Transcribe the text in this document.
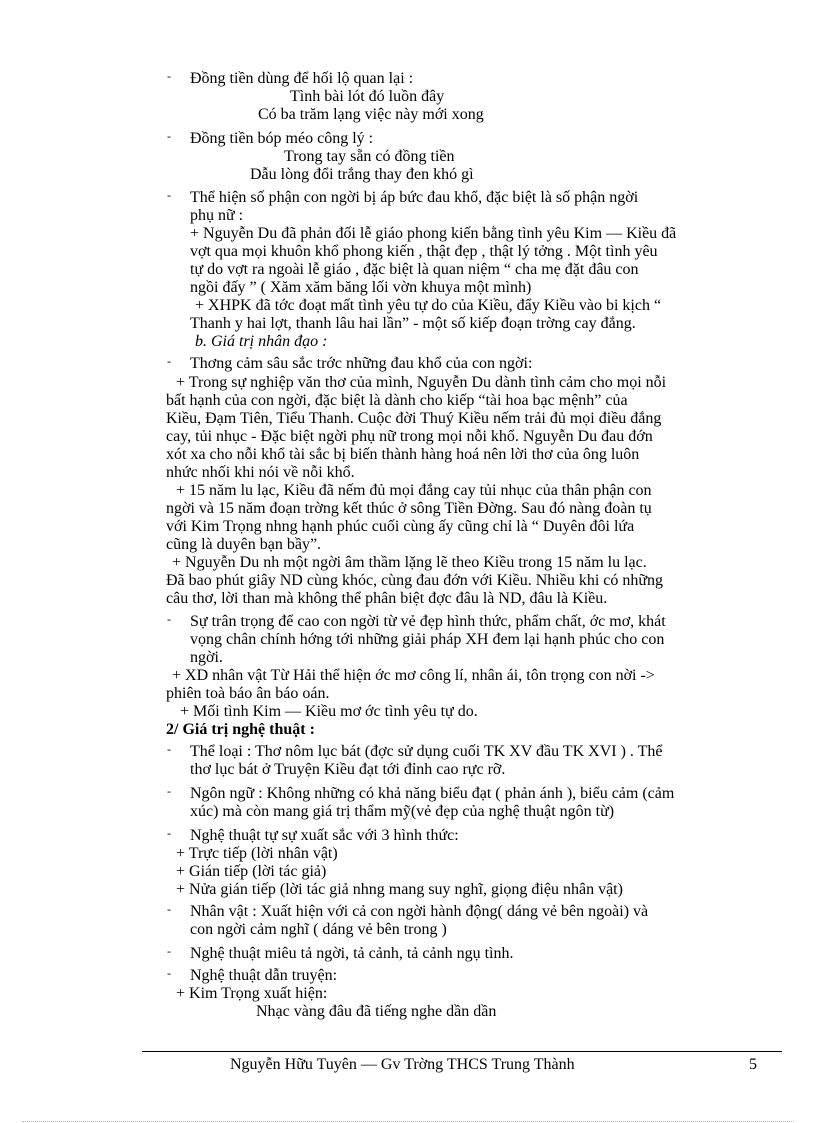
- Đồng tiền dùng để hối lộ quan lại :
Tình bài lót đó luồn đây
Có ba trăm lạng việc này mới xong
- Đồng tiền bóp méo công lý :
Trong tay sẵn có đồng tiền
Dẫu lòng đổi trắng thay đen khó gì
- Thể hiện số phận con ngời bị áp bức đau khổ, đặc biệt là số phận ngời
phụ nữ :
+ Nguyễn Du đã phản đối lễ giáo phong kiến bằng tình yêu Kim — Kiều đã
vợt qua mọi khuôn khổ phong kiến , thật đẹp , thật lý tởng . Một tình yêu
tự do vợt ra ngoài lễ giáo , đặc biệt là quan niệm “ cha mẹ đặt đâu con
ngồi đấy ” ( Xăm xăm băng lối vờn khuya một mình)
+ XHPK đã tớc đoạt mất tình yêu tự do của Kiều, đẩy Kiều vào bi kịch “
Thanh y hai lợt, thanh lâu hai lần” - một số kiếp đoạn trờng cay đắng.
b. Giá trị nhân đạo :
- Thơng cảm sâu sắc trớc những đau khổ của con ngời:
+ Trong sự nghiệp văn thơ của mình, Nguyễn Du dành tình cảm cho mọi nỗi
bất hạnh của con ngời, đặc biệt là dành cho kiếp “tài hoa bạc mệnh” của
Kiều, Đạm Tiên, Tiểu Thanh. Cuộc đời Thuý Kiều nếm trải đủ mọi điều đắng
cay, tủi nhục - Đặc biệt ngời phụ nữ trong mọi nỗi khổ. Nguyễn Du đau đớn
xót xa cho nỗi khổ tài sắc bị biến thành hàng hoá nên lời thơ của ông luôn
nhức nhối khi nói về nỗi khổ.
+ 15 năm lu lạc, Kiều đã nếm đủ mọi đắng cay tủi nhục của thân phận con
ngời và 15 năm đoạn trờng kết thúc ở sông Tiền Đờng. Sau đó nàng đoàn tụ
với Kim Trọng nhng hạnh phúc cuối cùng ấy cũng chỉ là “ Duyên đôi lứa
cũng là duyên bạn bầy”.
+ Nguyễn Du nh một ngời âm thầm lặng lẽ theo Kiều trong 15 năm lu lạc.
Đã bao phút giây ND cùng khóc, cùng đau đớn với Kiều. Nhiều khi có những
câu thơ, lời than mà không thể phân biệt đợc đâu là ND, đâu là Kiều.
- Sự trân trọng để cao con ngời từ vẻ đẹp hình thức, phẩm chất, ớc mơ, khát
vọng chân chính hớng tới những giải pháp XH đem lại hạnh phúc cho con
ngời.
+ XD nhân vật Từ Hải thể hiện ớc mơ công lí, nhân ái, tôn trọng con nời ->
phiên toà báo ân báo oán.
+ Mối tình Kim — Kiều mơ ớc tình yêu tự do.
2/ Giá trị nghệ thuật :
- Thể loại : Thơ nôm lục bát (đợc sử dụng cuối TK XV đầu TK XVI ) . Thể
thơ lục bát ở Truyện Kiều đạt tới đỉnh cao rực rỡ.
- Ngôn ngữ : Không những có khả năng biểu đạt ( phản ánh ), biểu cảm (cảm
xúc) mà còn mang giá trị thẩm mỹ(vẻ đẹp của nghệ thuật ngôn từ)
- Nghệ thuật tự sự xuất sắc với 3 hình thức:
+ Trực tiếp (lời nhân vật)
+ Gián tiếp (lời tác giả)
+ Nửa gián tiếp (lời tác giả nhng mang suy nghĩ, giọng điệu nhân vật)
- Nhân vật : Xuất hiện với cả con ngời hành động( dáng vẻ bên ngoài) và
con ngời cảm nghĩ ( dáng vẻ bên trong )
- Nghệ thuật miêu tả ngời, tả cảnh, tả cảnh ngụ tình.
- Nghệ thuật dẫn truyện:
+ Kim Trọng xuất hiện:
Nhạc vàng đâu đã tiếng nghe dần dần
Nguyễn Hữu Tuyên — Gv Trờng THCS Trung Thành	5
